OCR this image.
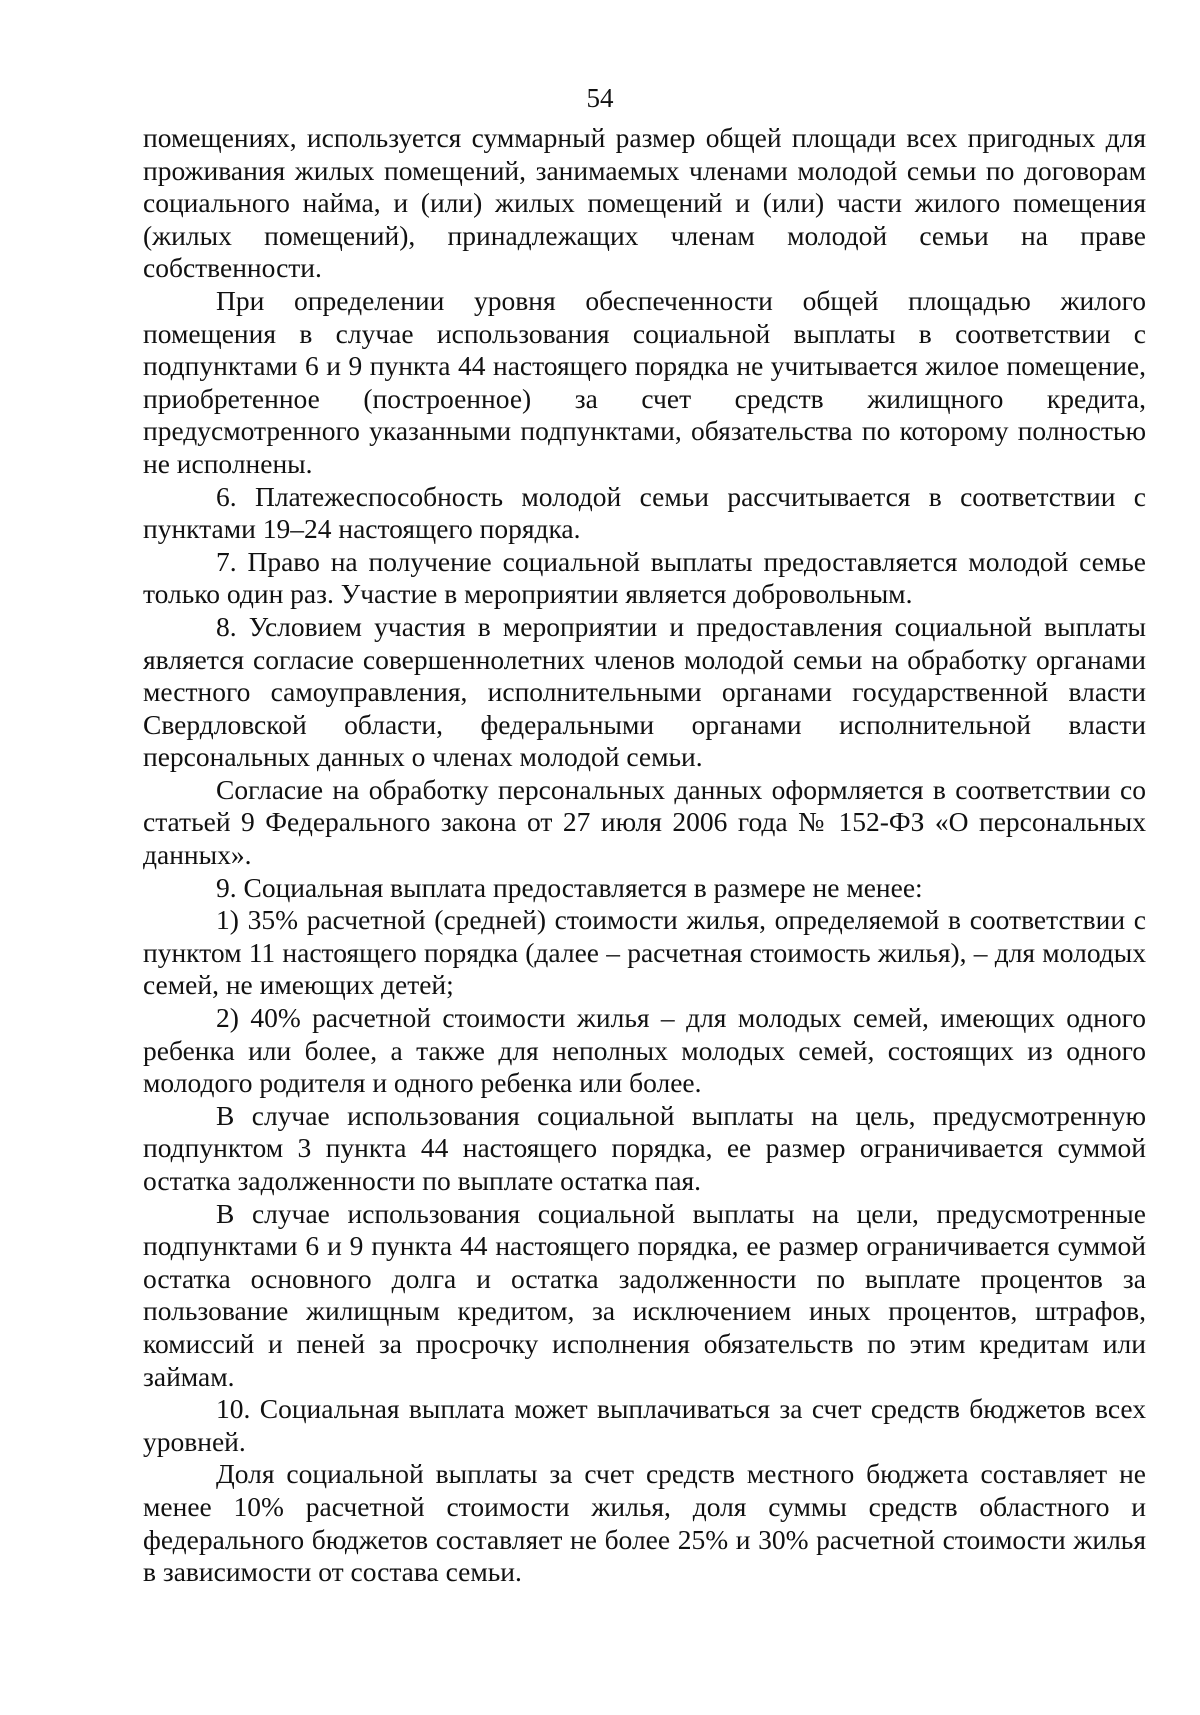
54

помещениях, используется суммарный размер общей площади всех пригодных для проживания жилых помещений, занимаемых членами молодой семьи по договорам социального найма, и (или) жилых помещений и (или) части жилого помещения (жилых помещений), принадлежащих членам молодой семьи на праве собственности.

При определении уровня обеспеченности общей площадью жилого помещения в случае использования социальной выплаты в соответствии с подпунктами 6 и 9 пункта 44 настоящего порядка не учитывается жилое помещение, приобретенное (построенное) за счет средств жилищного кредита, предусмотренного указанными подпунктами, обязательства по которому полностью не исполнены.

6. Платежеспособность молодой семьи рассчитывается в соответствии с пунктами 19–24 настоящего порядка.

7. Право на получение социальной выплаты предоставляется молодой семье только один раз. Участие в мероприятии является добровольным.

8. Условием участия в мероприятии и предоставления социальной выплаты является согласие совершеннолетних членов молодой семьи на обработку органами местного самоуправления, исполнительными органами государственной власти Свердловской области, федеральными органами исполнительной власти персональных данных о членах молодой семьи.

Согласие на обработку персональных данных оформляется в соответствии со статьей 9 Федерального закона от 27 июля 2006 года № 152-ФЗ «О персональных данных».

9. Социальная выплата предоставляется в размере не менее:

1) 35% расчетной (средней) стоимости жилья, определяемой в соответствии с пунктом 11 настоящего порядка (далее – расчетная стоимость жилья), – для молодых семей, не имеющих детей;

2) 40% расчетной стоимости жилья – для молодых семей, имеющих одного ребенка или более, а также для неполных молодых семей, состоящих из одного молодого родителя и одного ребенка или более.

В случае использования социальной выплаты на цель, предусмотренную подпунктом 3 пункта 44 настоящего порядка, ее размер ограничивается суммой остатка задолженности по выплате остатка пая.

В случае использования социальной выплаты на цели, предусмотренные подпунктами 6 и 9 пункта 44 настоящего порядка, ее размер ограничивается суммой остатка основного долга и остатка задолженности по выплате процентов за пользование жилищным кредитом, за исключением иных процентов, штрафов, комиссий и пеней за просрочку исполнения обязательств по этим кредитам или займам.

10. Социальная выплата может выплачиваться за счет средств бюджетов всех уровней.

Доля социальной выплаты за счет средств местного бюджета составляет не менее 10% расчетной стоимости жилья, доля суммы средств областного и федерального бюджетов составляет не более 25% и 30% расчетной стоимости жилья в зависимости от состава семьи.
